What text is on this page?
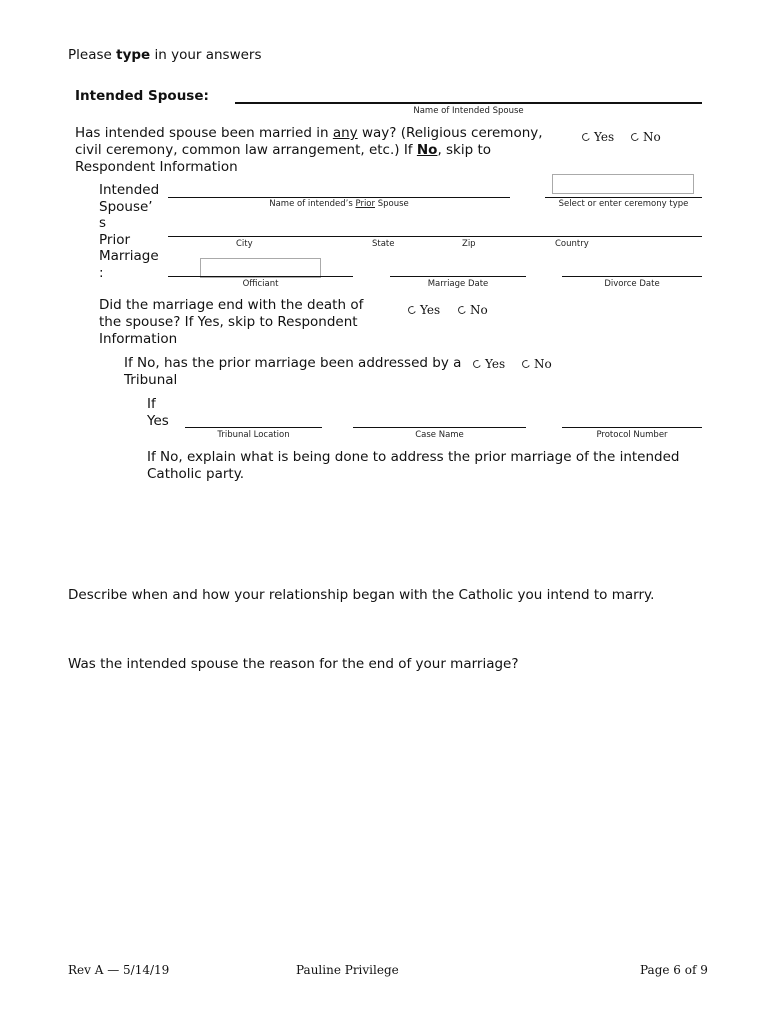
Please type in your answers
Intended Spouse:
Name of Intended Spouse
Has intended spouse been married in any way? (Religious ceremony, civil ceremony, common law arrangement, etc.) If No, skip to Respondent Information
Yes No
Intended
Spouse’
s
Prior
Marriage
:
Name of intended’s Prior Spouse	Select or enter ceremony type
City	State	Zip	Country
Officiant	Marriage Date	Divorce Date
Did the marriage end with the death of the spouse? If Yes, skip to Respondent Information
Yes No
If No, has the prior marriage been addressed by a Tribunal
Yes No
If
Yes
Tribunal Location	Case Name	Protocol Number
If No, explain what is being done to address the prior marriage of the intended Catholic party.
Describe when and how your relationship began with the Catholic you intend to marry.
Was the intended spouse the reason for the end of your marriage?
Rev A — 5/14/19	Pauline Privilege	Page 6 of 9
